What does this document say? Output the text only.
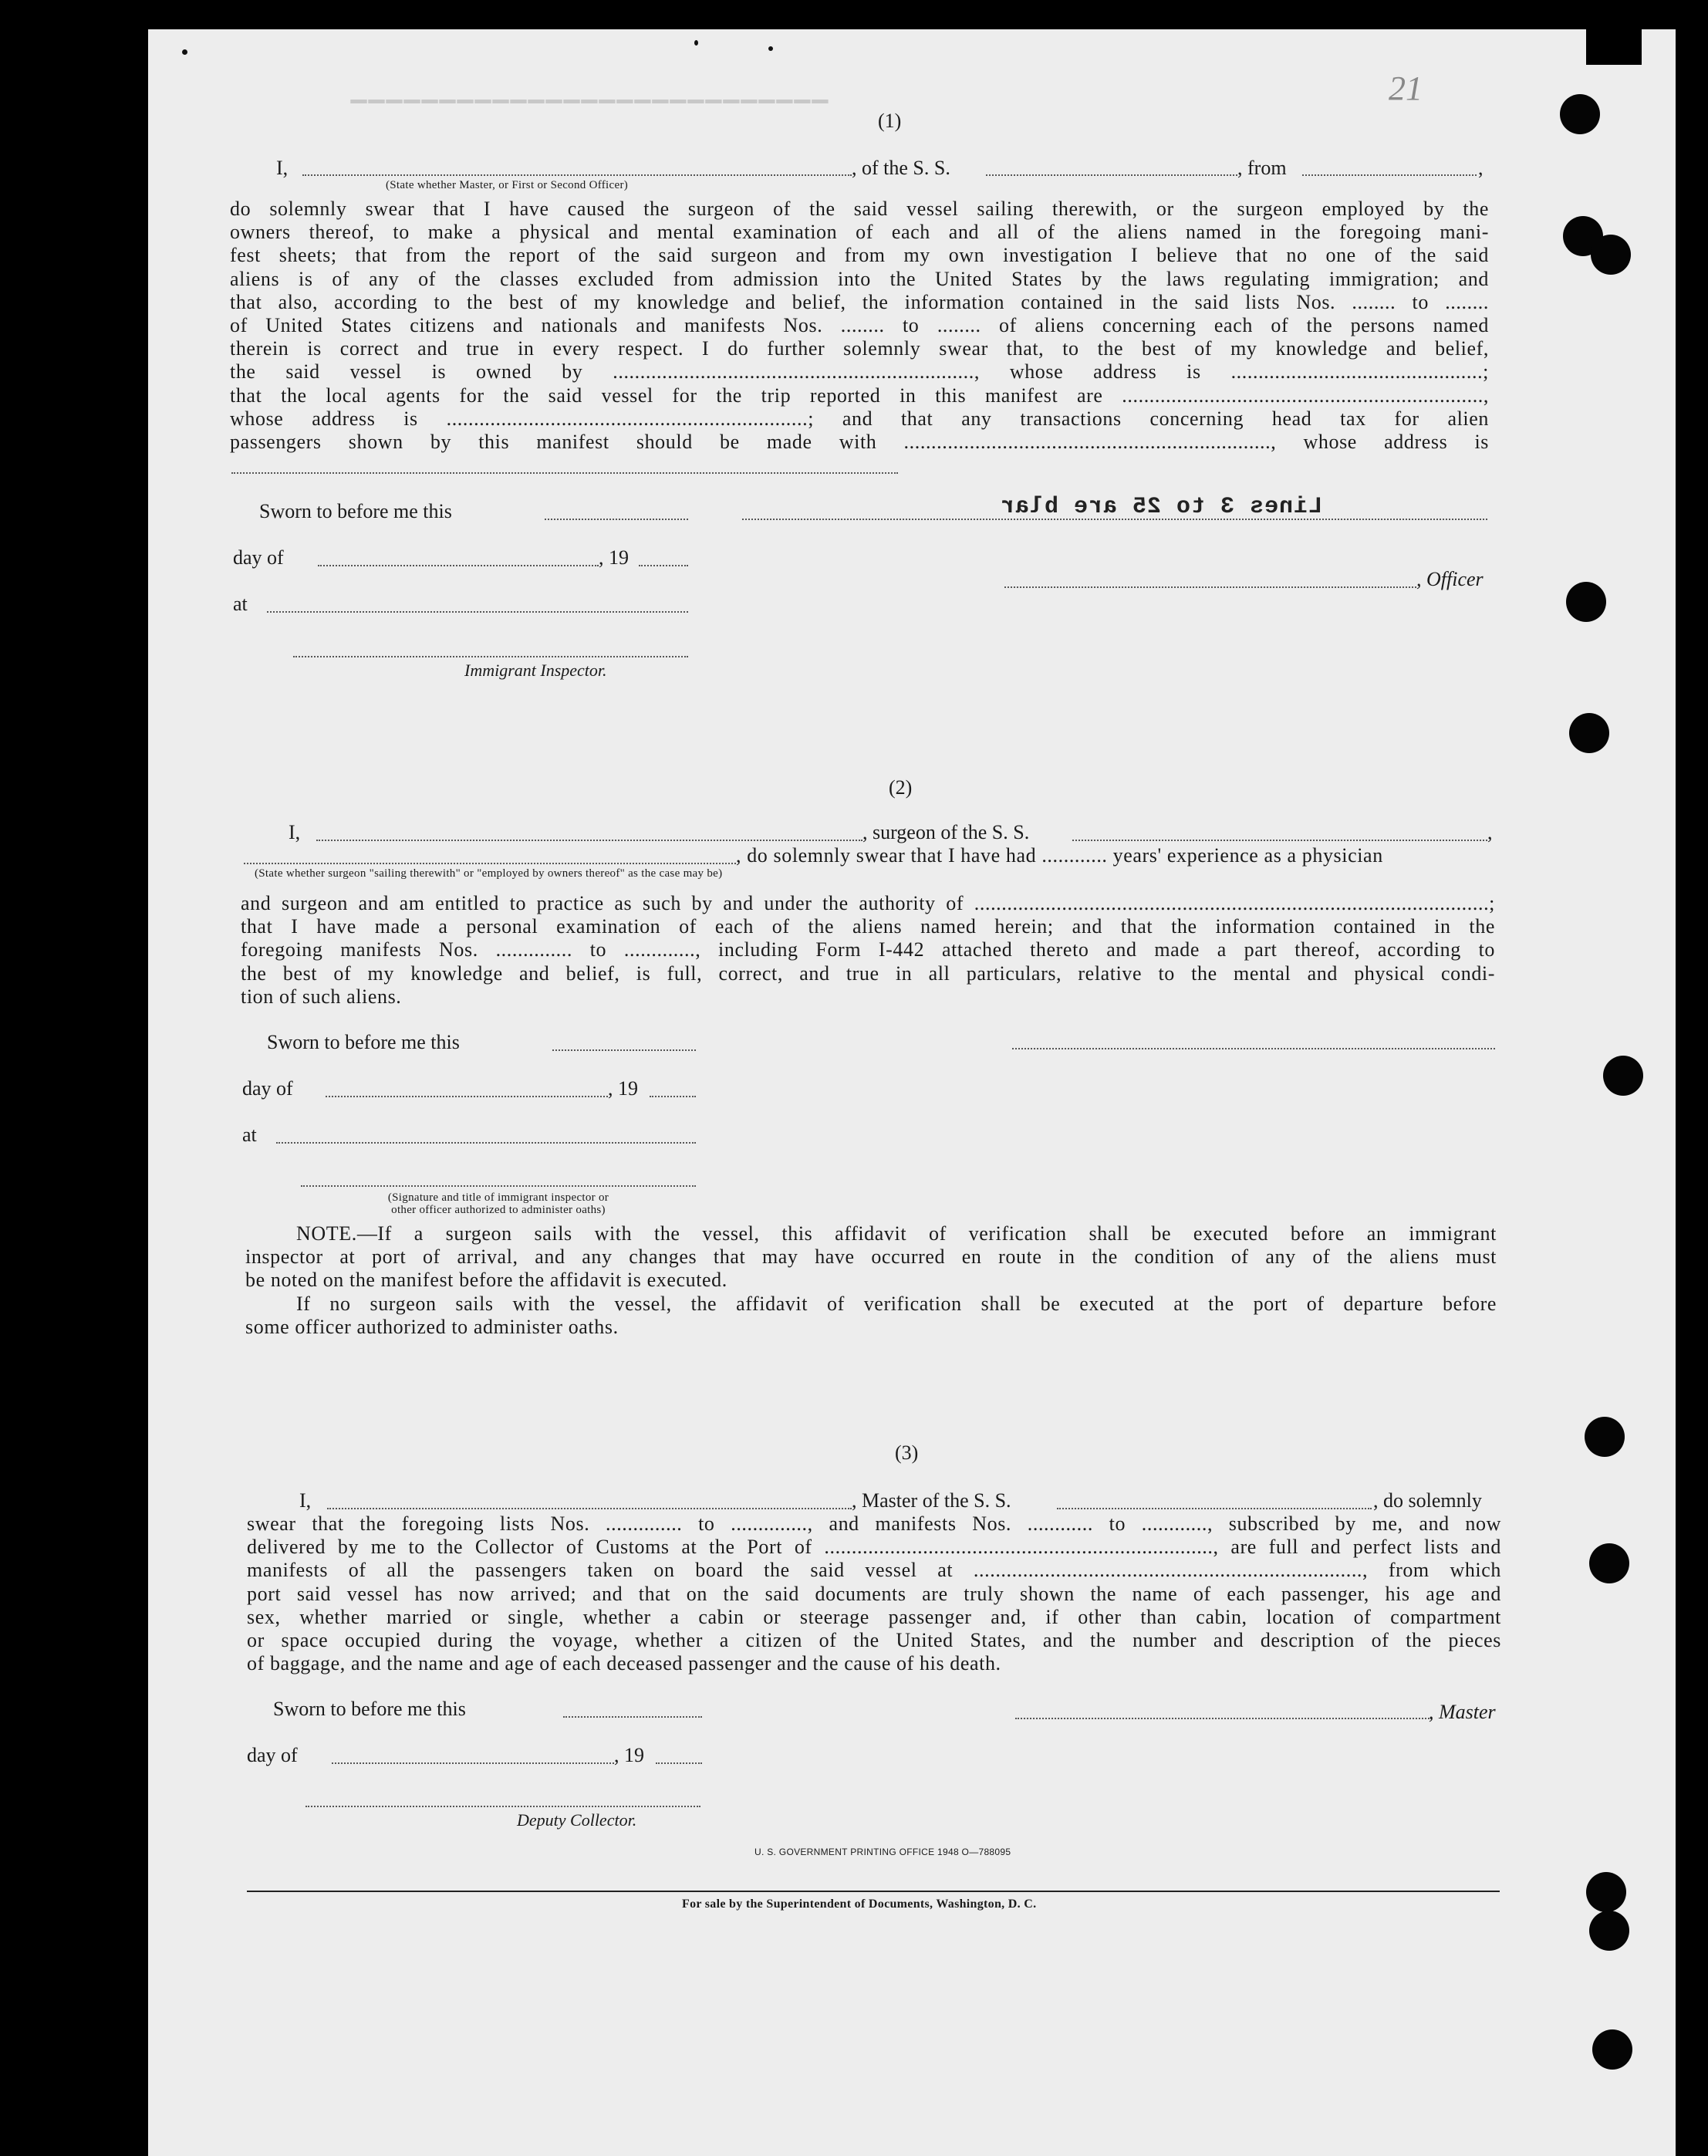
▔▔▔▔▔▔▔▔▔▔▔▔▔▔▔▔▔▔▔▔▔▔▔▔▔▔▔
21
(1)
I,	, of the S. S.	, from	,
(State whether Master, or First or Second Officer)
do solemnly swear that I have caused the surgeon of the said vessel sailing therewith, or the surgeon employed by the
owners thereof, to make a physical and mental examination of each and all of the aliens named in the foregoing mani-
fest sheets; that from the report of the said surgeon and from my own investigation I believe that no one of the said
aliens is of any of the classes excluded from admission into the United States by the laws regulating immigration; and
that also, according to the best of my knowledge and belief, the information contained in the said lists Nos. ........ to ........
of United States citizens and nationals and manifests Nos. ........ to ........ of aliens concerning each of the persons named
therein is correct and true in every respect. I do further solemnly swear that, to the best of my knowledge and belief,
the said vessel is owned by .................................................................., whose address is ..............................................;
that the local agents for the said vessel for the trip reported in this manifest are ..................................................................,
whose address is ..................................................................; and that any transactions concerning head tax for alien
passengers shown by this manifest should be made with ..................................................................., whose address is
Sworn to before me this	Lines 3 to 25 are blar
day of	, 19
, Officer
at
Immigrant Inspector.
(2)
I,	, surgeon of the S. S.	,
, do solemnly swear that I have had ............ years' experience as a physician
(State whether surgeon "sailing therewith" or "employed by owners thereof" as the case may be)
and surgeon and am entitled to practice as such by and under the authority of ..............................................................................................;
that I have made a personal examination of each of the aliens named herein; and that the information contained in the
foregoing manifests Nos. .............. to ............., including Form I-442 attached thereto and made a part thereof, according to
the best of my knowledge and belief, is full, correct, and true in all particulars, relative to the mental and physical condi-
tion of such aliens.
Sworn to before me this
day of	, 19
at
(Signature and title of immigrant inspector or
other officer authorized to administer oaths)
NOTE.—If a surgeon sails with the vessel, this affidavit of verification shall be executed before an immigrant
inspector at port of arrival, and any changes that may have occurred en route in the condition of any of the aliens must
be noted on the manifest before the affidavit is executed.
If no surgeon sails with the vessel, the affidavit of verification shall be executed at the port of departure before
some officer authorized to administer oaths.
(3)
I,	, Master of the S. S.	, do solemnly
swear that the foregoing lists Nos. .............. to .............., and manifests Nos. ............ to ............, subscribed by me, and now
delivered by me to the Collector of Customs at the Port of ......................................................................., are full and perfect lists and
manifests of all the passengers taken on board the said vessel at ......................................................................., from which
port said vessel has now arrived; and that on the said documents are truly shown the name of each passenger, his age and
sex, whether married or single, whether a cabin or steerage passenger and, if other than cabin, location of compartment
or space occupied during the voyage, whether a citizen of the United States, and the number and description of the pieces
of baggage, and the name and age of each deceased passenger and the cause of his death.
Sworn to before me this	, Master
day of	, 19
Deputy Collector.
U. S. GOVERNMENT PRINTING OFFICE 1948 O—788095
For sale by the Superintendent of Documents, Washington, D. C.
